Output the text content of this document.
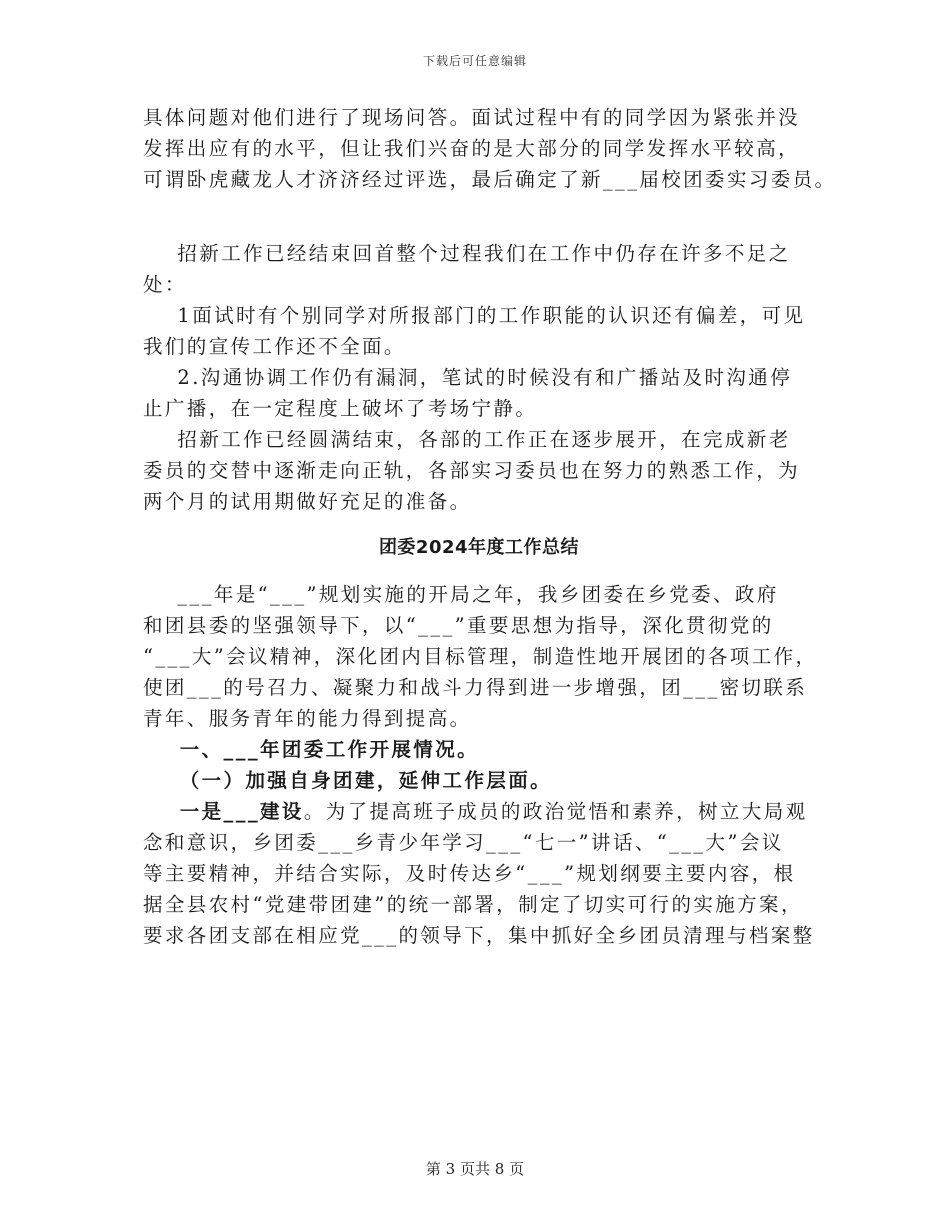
下载后可任意编辑
具体问题对他们进行了现场问答。面试过程中有的同学因为紧张并没
发挥出应有的水平，但让我们兴奋的是大部分的同学发挥水平较高，
可谓卧虎藏龙人才济济经过评选，最后确定了新___届校团委实习委员。
招新工作已经结束回首整个过程我们在工作中仍存在许多不足之
处：
1面试时有个别同学对所报部门的工作职能的认识还有偏差，可见
我们的宣传工作还不全面。
2.沟通协调工作仍有漏洞，笔试的时候没有和广播站及时沟通停
止广播，在一定程度上破坏了考场宁静。
招新工作已经圆满结束，各部的工作正在逐步展开，在完成新老
委员的交替中逐渐走向正轨，各部实习委员也在努力的熟悉工作，为
两个月的试用期做好充足的准备。
团委2024年度工作总结
___年是“___”规划实施的开局之年，我乡团委在乡党委、政府
和团县委的坚强领导下，以“___”重要思想为指导，深化贯彻党的
“___大”会议精神，深化团内目标管理，制造性地开展团的各项工作，
使团___的号召力、凝聚力和战斗力得到进一步增强，团___密切联系
青年、服务青年的能力得到提高。
一、___年团委工作开展情况。
（一）加强自身团建，延伸工作层面。
一是___建设。为了提高班子成员的政治觉悟和素养，树立大局观
念和意识，乡团委___乡青少年学习___“七一”讲话、“___大”会议
等主要精神，并结合实际，及时传达乡“___”规划纲要主要内容，根
据全县农村“党建带团建”的统一部署，制定了切实可行的实施方案，
要求各团支部在相应党___的领导下，集中抓好全乡团员清理与档案整
第 3 页共 8 页
